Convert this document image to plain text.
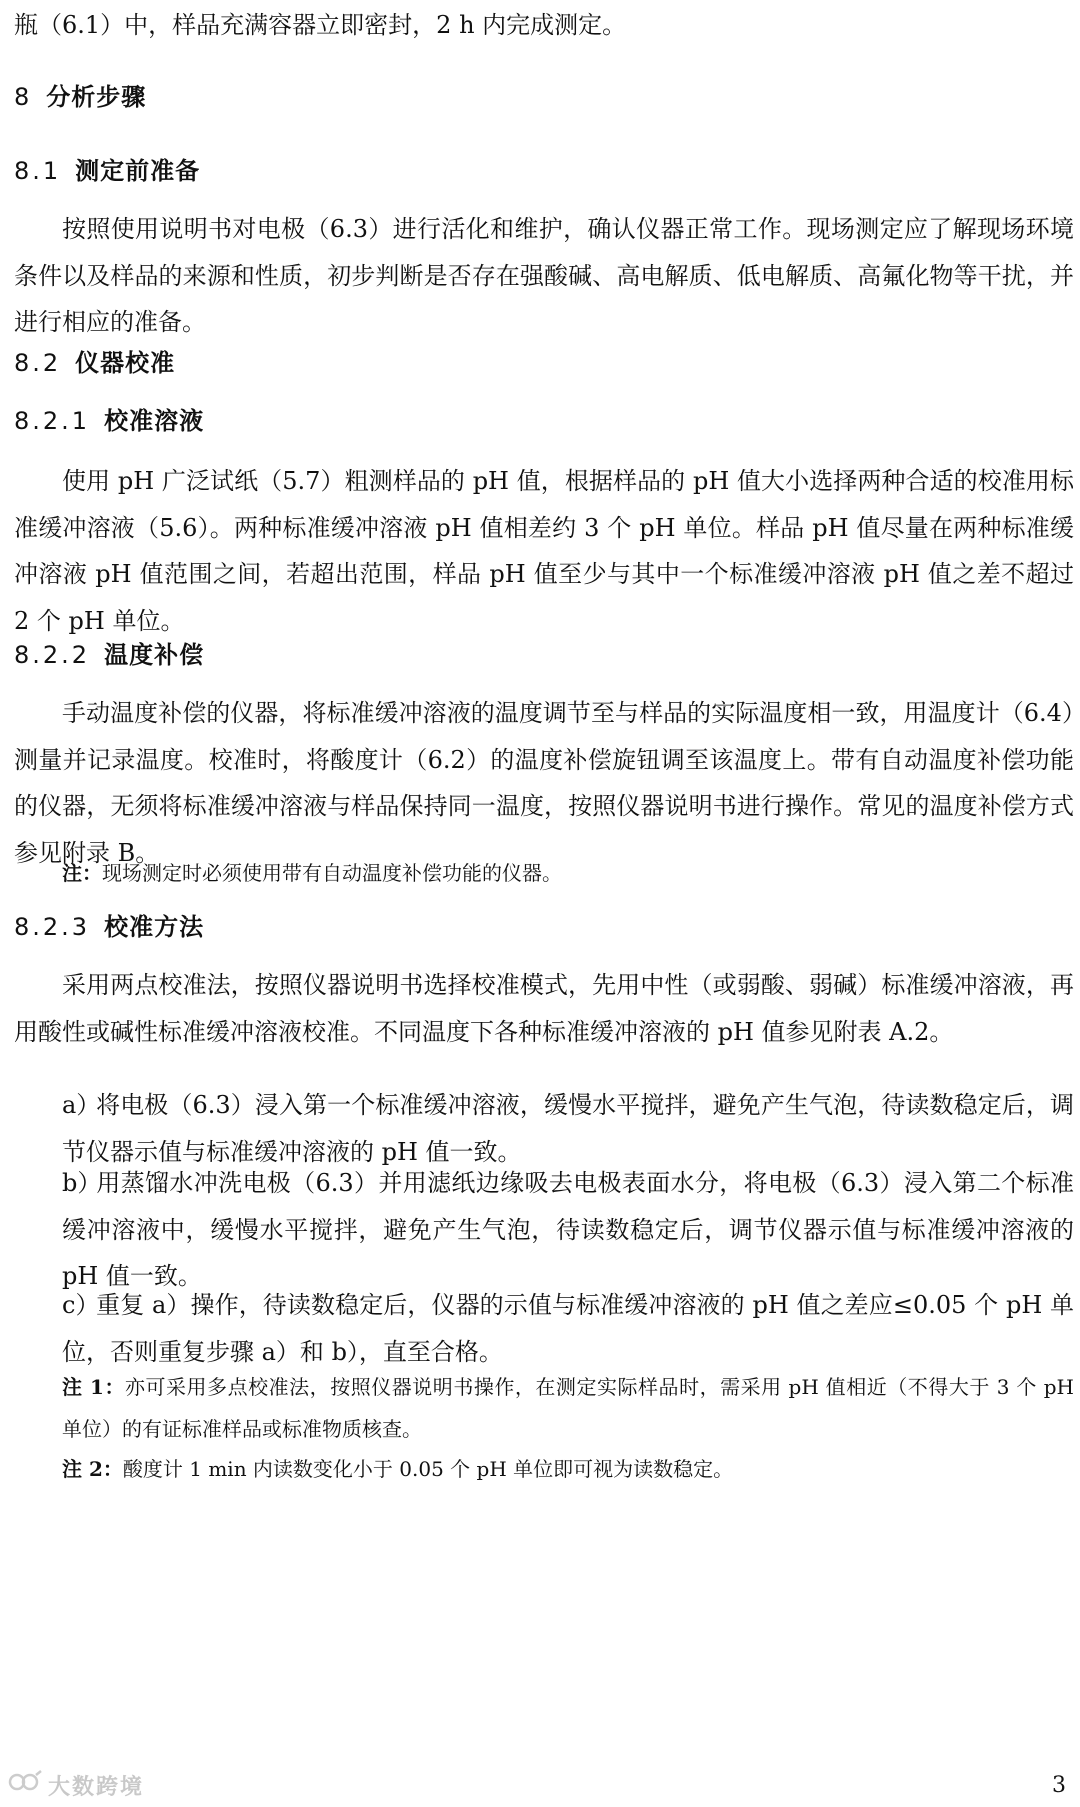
瓶（6.1）中，样品充满容器立即密封，2 h 内完成测定。

8 分析步骤
8.1 测定前准备

按照使用说明书对电极（6.3）进行活化和维护，确认仪器正常工作。现场测定应了解现场环境条件以及样品的来源和性质，初步判断是否存在强酸碱、高电解质、低电解质、高氟化物等干扰，并进行相应的准备。

8.2 仪器校准
8.2.1 校准溶液

使用 pH 广泛试纸（5.7）粗测样品的 pH 值，根据样品的 pH 值大小选择两种合适的校准用标准缓冲溶液（5.6）。两种标准缓冲溶液 pH 值相差约 3 个 pH 单位。样品 pH 值尽量在两种标准缓冲溶液 pH 值范围之间，若超出范围，样品 pH 值至少与其中一个标准缓冲溶液 pH 值之差不超过 2 个 pH 单位。

8.2.2 温度补偿

手动温度补偿的仪器，将标准缓冲溶液的温度调节至与样品的实际温度相一致，用温度计（6.4）测量并记录温度。校准时，将酸度计（6.2）的温度补偿旋钮调至该温度上。带有自动温度补偿功能的仪器，无须将标准缓冲溶液与样品保持同一温度，按照仪器说明书进行操作。常见的温度补偿方式参见附录 B。

注：现场测定时必须使用带有自动温度补偿功能的仪器。
8.2.3 校准方法

采用两点校准法，按照仪器说明书选择校准模式，先用中性（或弱酸、弱碱）标准缓冲溶液，再用酸性或碱性标准缓冲溶液校准。不同温度下各种标准缓冲溶液的 pH 值参见附表 A.2。

a）将电极（6.3）浸入第一个标准缓冲溶液，缓慢水平搅拌，避免产生气泡，待读数稳定后，调节仪器示值与标准缓冲溶液的 pH 值一致。
b）用蒸馏水冲洗电极（6.3）并用滤纸边缘吸去电极表面水分，将电极（6.3）浸入第二个标准缓冲溶液中，缓慢水平搅拌，避免产生气泡，待读数稳定后，调节仪器示值与标准缓冲溶液的 pH 值一致。
c）重复 a）操作，待读数稳定后，仪器的示值与标准缓冲溶液的 pH 值之差应≤0.05 个 pH 单位，否则重复步骤 a）和 b），直至合格。
注 1：亦可采用多点校准法，按照仪器说明书操作，在测定实际样品时，需采用 pH 值相近（不得大于 3 个 pH 单位）的有证标准样品或标准物质核查。
注 2：酸度计 1 min 内读数变化小于 0.05 个 pH 单位即可视为读数稳定。
大数跨境	3
